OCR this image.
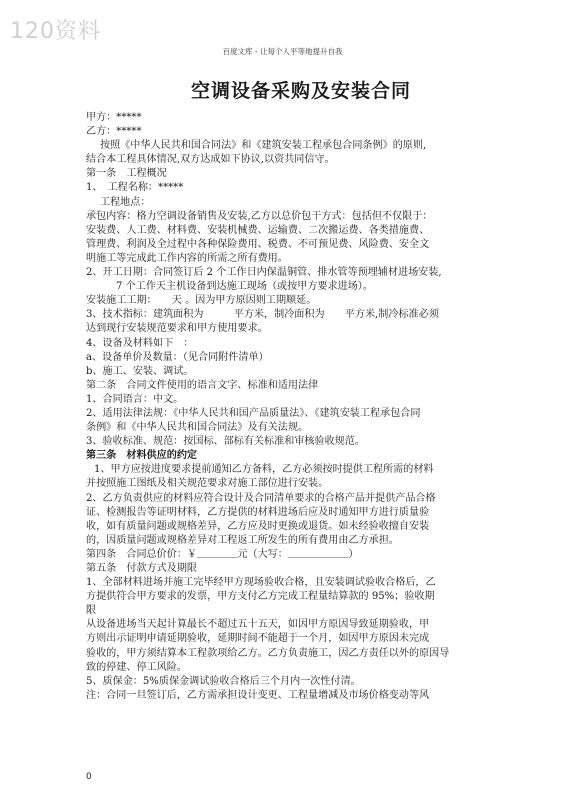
120资料
百度文库 - 让每个人平等地提升自我
空调设备采购及安装合同
甲方：*****
乙方：*****
按照《中华人民共和国合同法》和《建筑安装工程承包合同条例》的原则,
结合本工程具体情况,双方达成如下协议,以资共同信守。
第一条　工程概况
1、　工程名称：*****
工程地点：
承包内容：格力空调设备销售及安装,乙方以总价包干方式：包括但不仅限于：
安装费、人工费、材料费、安装机械费、运输费、二次搬运费、各类措施费、
管理费、利润及全过程中各种保险费用、税费、不可预见费、风险费、安全文
明施工等完成此工作内容的所需之所有费用。
2、开工日期：合同签订后 2 个工作日内保温铜管、排水管等预埋辅材进场安装,
7 个工作天主机设备到达施工现场（或按甲方要求进场）。
安装施工工期：　　天 。因为甲方原因则工期顺延。
3、技术指标：建筑面积为　　　平方米，制冷面积为　　平方米,制冷标准必须
达到现行安装规范要求和甲方使用要求。
4、设备及材料如下　：
a、设备单价及数量：（见合同附件清单）
b、施工、安装、调试。
第二条　合同文件使用的语言文字、标准和适用法律
1、合同语言：中文。
2、适用法律法规：《中华人民共和国产品质量法》、《建筑安装工程承包合同
条例》和《中华人民共和国合同法》及有关法规。
3、验收标准、规范：按国标、部标有关标准和审核验收规范。
第三条　材料供应的约定
1、甲方应按进度要求提前通知乙方备料，乙方必须按时提供工程所需的材料
并按照施工图纸及相关规范要求对施工部位进行安装。
2、乙方负责供应的材料应符合设计及合同清单要求的合格产品并提供产品合格
证、检测报告等证明材料，乙方提供的材料进场后应及时通知甲方进行质量验
收，如有质量问题或规格差异，乙方应及时更换或退货。如未经验收擅自安装
的，因质量问题或规格差异对工程返工所发生的所有费用由乙方承担。
第四条　合同总价价：￥＿＿＿＿元（大写：＿＿＿＿＿＿）
第五条　付款方式及期限
1、全部材料进场并施工完毕经甲方现场验收合格，且安装调试验收合格后，乙
方提供符合甲方要求的发票，甲方支付乙方完成工程量结算款的 95%；验收期
限
从设备进场当天起计算最长不超过五十五天，如因甲方原因导致延期验收，甲
方则出示证明申请延期验收，延期时间不能超于一个月，如因甲方原因未完成
验收的，甲方须结算本工程款项给乙方。乙方负责施工，因乙方责任以外的原因导
致的停建、停工风险。
5、质保金：5%质保金调试验收合格后三个月内一次性付清。
注：合同一旦签订后，乙方需承担设计变更、工程量增减及市场价格变动等风
0
